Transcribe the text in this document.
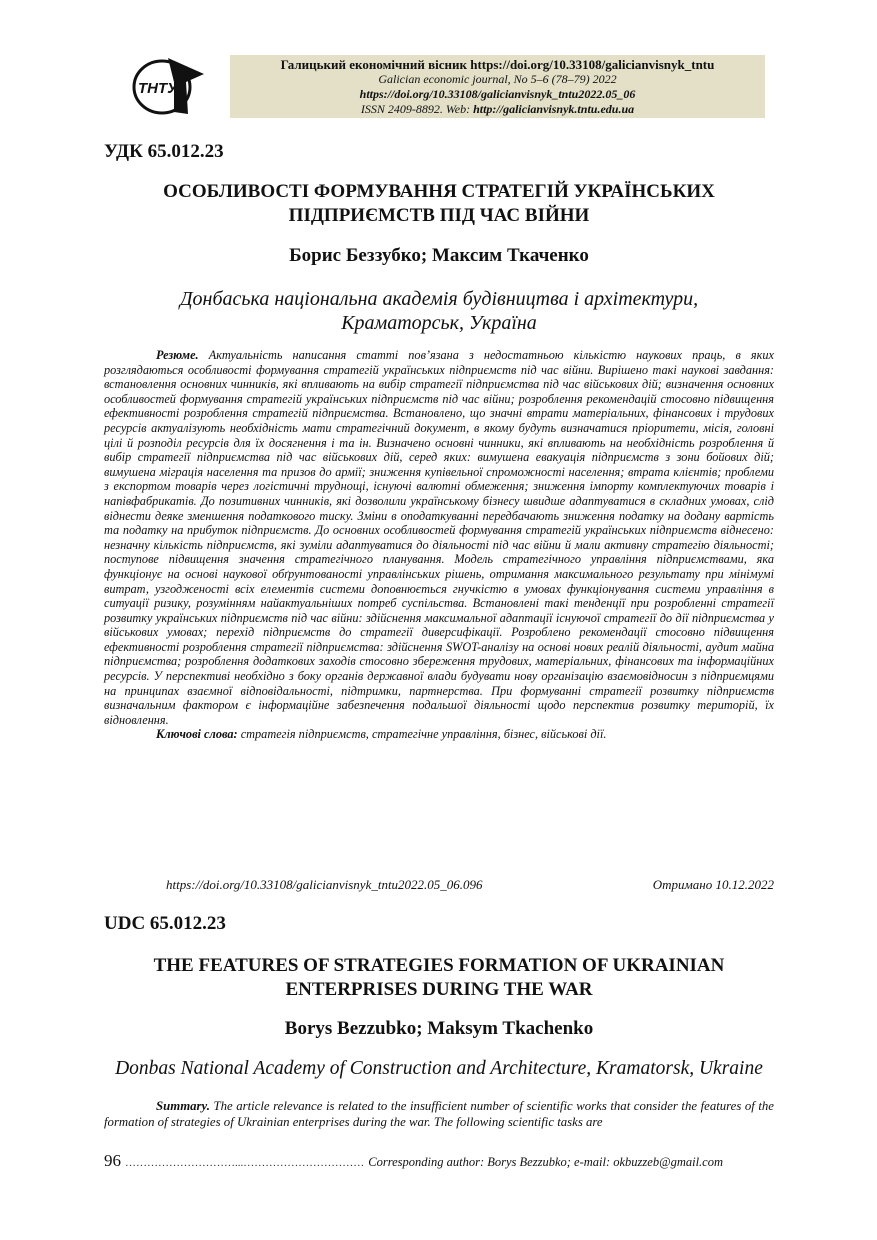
ТНТУ
Галицький економічний вісник https://doi.org/10.33108/galicianvisnyk_tntu
Galician economic journal, No 5–6 (78–79) 2022
https://doi.org/10.33108/galicianvisnyk_tntu2022.05_06
ISSN 2409-8892. Web: http://galicianvisnyk.tntu.edu.ua
УДК 65.012.23
ОСОБЛИВОСТІ ФОРМУВАННЯ СТРАТЕГІЙ УКРАЇНСЬКИХ
ПІДПРИЄМСТВ ПІД ЧАС ВІЙНИ
Борис Беззубко; Максим Ткаченко
Донбаська національна академія будівництва і архітектури,
Краматорськ, Україна

Резюме. Актуальність написання статті пов’язана з недостатньою кількістю наукових праць, в яких розглядаються особливості формування стратегій українських підприємств під час війни. Вирішено такі наукові завдання: встановлення основних чинників, які впливають на вибір стратегії підприємства під час військових дій; визначення основних особливостей формування стратегій українських підприємств під час війни; розроблення рекомендацій стосовно підвищення ефективності розроблення стратегій підприємства. Встановлено, що значні втрати матеріальних, фінансових і трудових ресурсів актуалізують необхідність мати стратегічний документ, в якому будуть визначатися пріоритети, місія, головні цілі й розподіл ресурсів для їх досягнення і та ін. Визначено основні чинники, які впливають на необхідність розроблення й вибір стратегії підприємства під час військових дій, серед яких: вимушена евакуація підприємств з зони бойових дій; вимушена міграція населення та призов до армії; зниження купівельної спроможності населення; втрата клієнтів; проблеми з експортом товарів через логістичні труднощі, існуючі валютні обмеження; зниження імпорту комплектуючих товарів і напівфабрикатів. До позитивних чинників, які дозволили українському бізнесу швидше адаптуватися в складних умовах, слід віднести деяке зменшення податкового тиску. Зміни в оподаткуванні передбачають зниження податку на додану вартість та податку на прибуток підприємств. До основних особливостей формування стратегій українських підприємств віднесено: незначну кількість підприємств, які зуміли адаптуватися до діяльності під час війни й мали активну стратегію діяльності; поступове підвищення значення стратегічного планування. Модель стратегічного управління підприємствами, яка функціонує на основі наукової обґрунтованості управлінських рішень, отримання максимального результату при мінімумі витрат, узгодженості всіх елементів системи доповнюється гнучкістю в умовах функціонування системи управління в ситуації ризику, розумінням найактуальніших потреб суспільства. Встановлені такі тенденції при розробленні стратегії розвитку українських підприємств під час війни: здійснення максимальної адаптації існуючої стратегії до дії підприємства у військових умовах; перехід підприємств до стратегії диверсифікації. Розроблено рекомендації стосовно підвищення ефективності розроблення стратегії підприємства: здійснення SWOT-аналізу на основі нових реалій діяльності, аудит майна підприємства; розроблення додаткових заходів стосовно збереження трудових, матеріальних, фінансових та інформаційних ресурсів. У перспективі необхідно з боку органів державної влади будувати нову організацію взаємовідносин з підприємцями на принципах взаємної відповідальності, підтримки, партнерства. При формуванні стратегії розвитку підприємств визначальним фактором є інформаційне забезпечення подальшої діяльності щодо перспектив розвитку територій, їх відновлення.

Ключові слова: стратегія підприємств, стратегічне управління, бізнес, військові дії.

https://doi.org/10.33108/galicianvisnyk_tntu2022.05_06.096	Отримано 10.12.2022
UDC 65.012.23
THE FEATURES OF STRATEGIES FORMATION OF UKRAINIAN
ENTERPRISES DURING THE WAR
Borys Bezzubko; Maksym Tkachenko
Donbas National Academy of Construction and Architecture, Kramatorsk, Ukraine

Summary. The article relevance is related to the insufficient number of scientific works that consider the features of the formation of strategies of Ukrainian enterprises during the war. The following scientific tasks are

96 …………………………...…………………………… Corresponding author: Borys Bezzubko; e-mail: okbuzzeb@gmail.com
